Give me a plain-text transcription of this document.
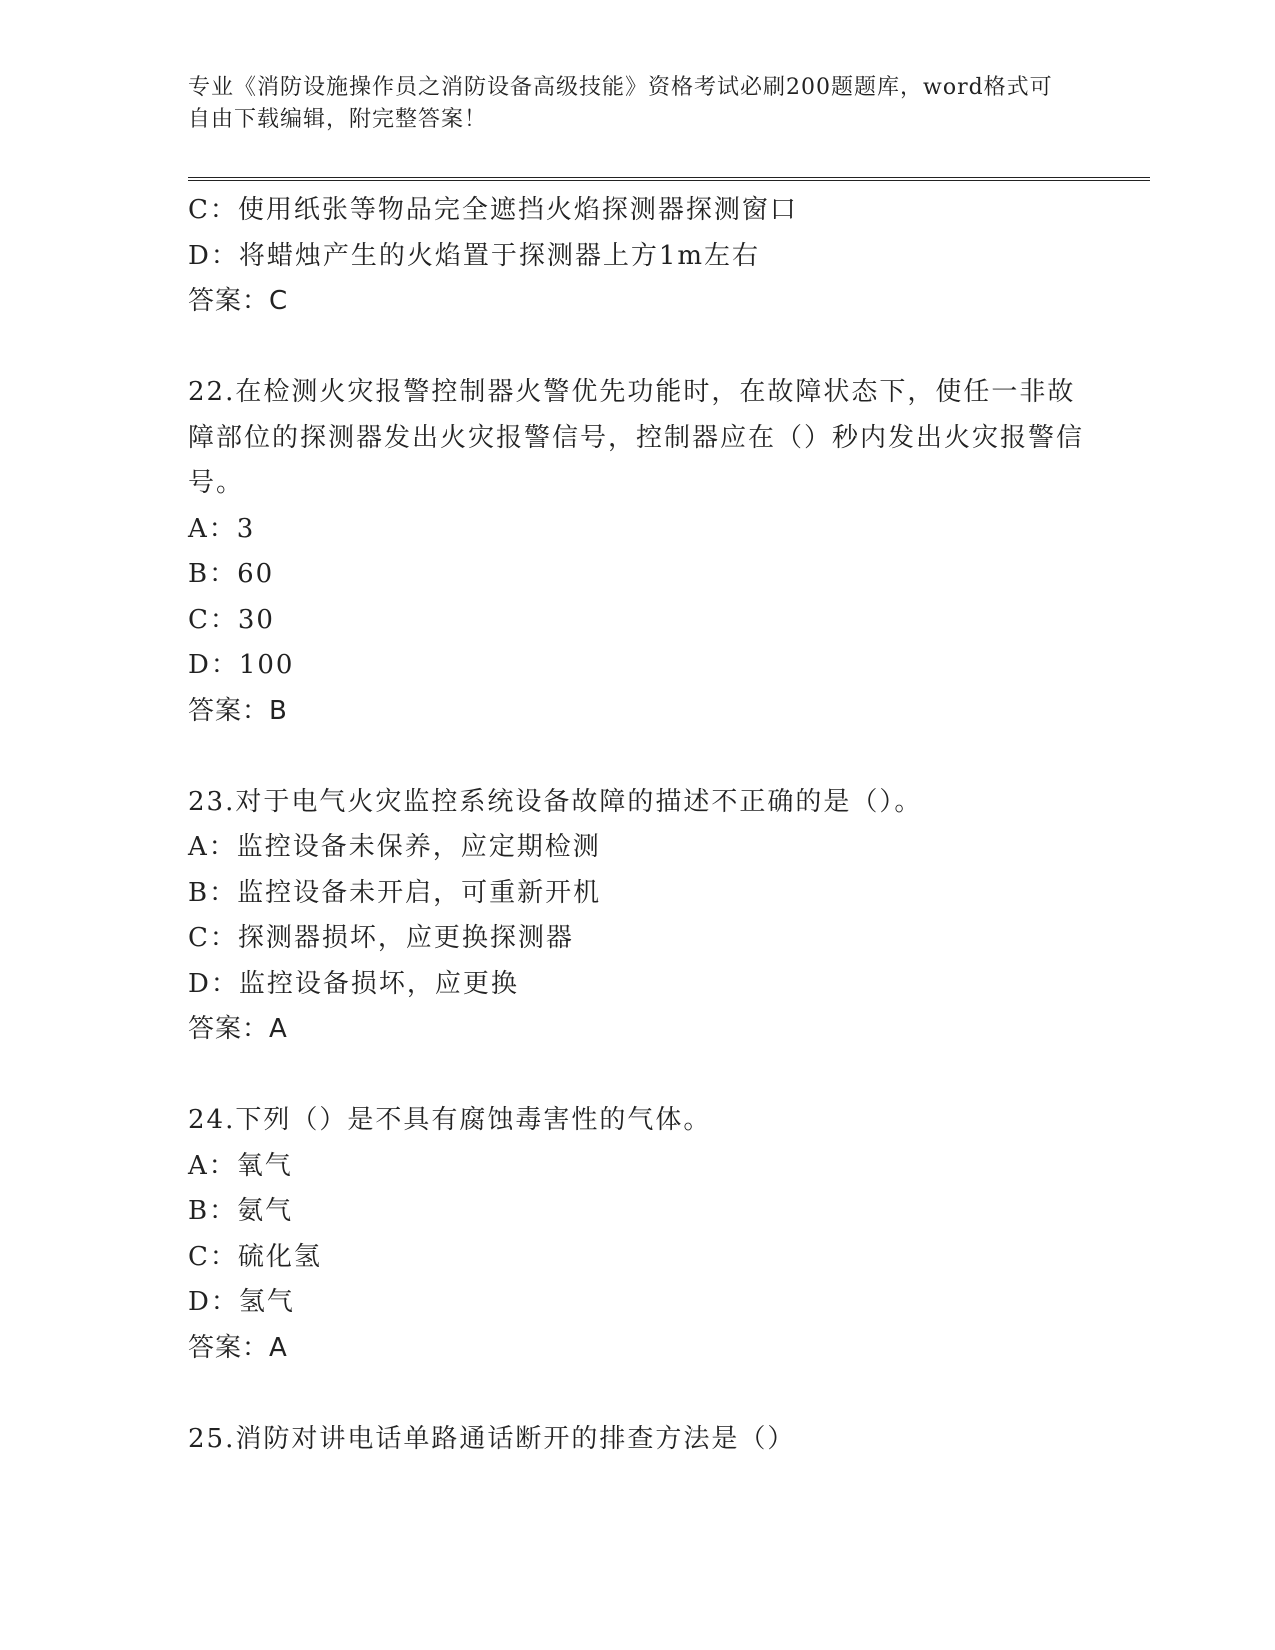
专业《消防设施操作员之消防设备高级技能》资格考试必刷200题题库，word格式可自由下载编辑，附完整答案！
C：使用纸张等物品完全遮挡火焰探测器探测窗口
D：将蜡烛产生的火焰置于探测器上方1m左右
答案：C
22.在检测火灾报警控制器火警优先功能时，在故障状态下，使任一非故障部位的探测器发出火灾报警信号，控制器应在（）秒内发出火灾报警信号。
A：3
B：60
C：30
D：100
答案：B
23.对于电气火灾监控系统设备故障的描述不正确的是（）。
A：监控设备未保养，应定期检测
B：监控设备未开启，可重新开机
C：探测器损坏，应更换探测器
D：监控设备损坏，应更换
答案：A
24.下列（）是不具有腐蚀毒害性的气体。
A：氧气
B：氨气
C：硫化氢
D：氢气
答案：A
25.消防对讲电话单路通话断开的排查方法是（）
